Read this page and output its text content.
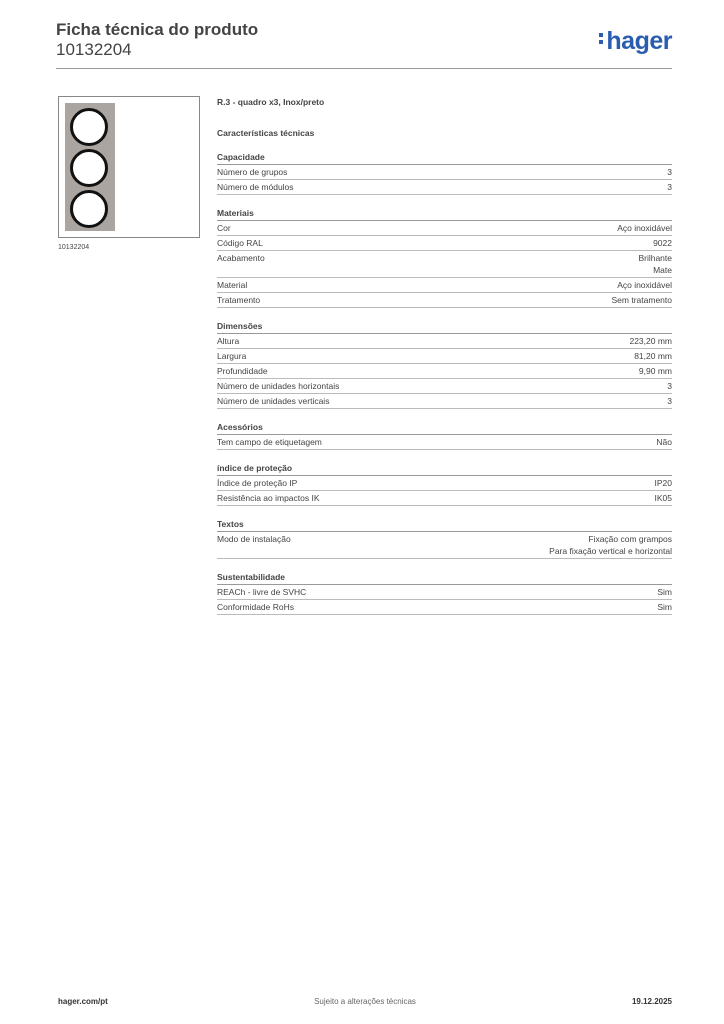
Ficha técnica do produto
10132204	hager
10132204
R.3 - quadro x3, Inox/preto
Características técnicas
Capacidade
Número de grupos	3
Número de módulos	3
Materiais
Cor	Aço inoxidável
Código RAL	9022
Acabamento	Brilhante
Mate
Material	Aço inoxidável
Tratamento	Sem tratamento
Dimensões
Altura	223,20 mm
Largura	81,20 mm
Profundidade	9,90 mm
Número de unidades horizontais	3
Número de unidades verticais	3
Acessórios
Tem campo de etiquetagem	Não
índice de proteção
Índice de proteção IP	IP20
Resistência ao impactos IK	IK05
Textos
Modo de instalação	Fixação com grampos
Para fixação vertical e horizontal
Sustentabilidade
REACh - livre de SVHC	Sim
Conformidade RoHs	Sim
hager.com/pt	Sujeito a alterações técnicas	19.12.2025
